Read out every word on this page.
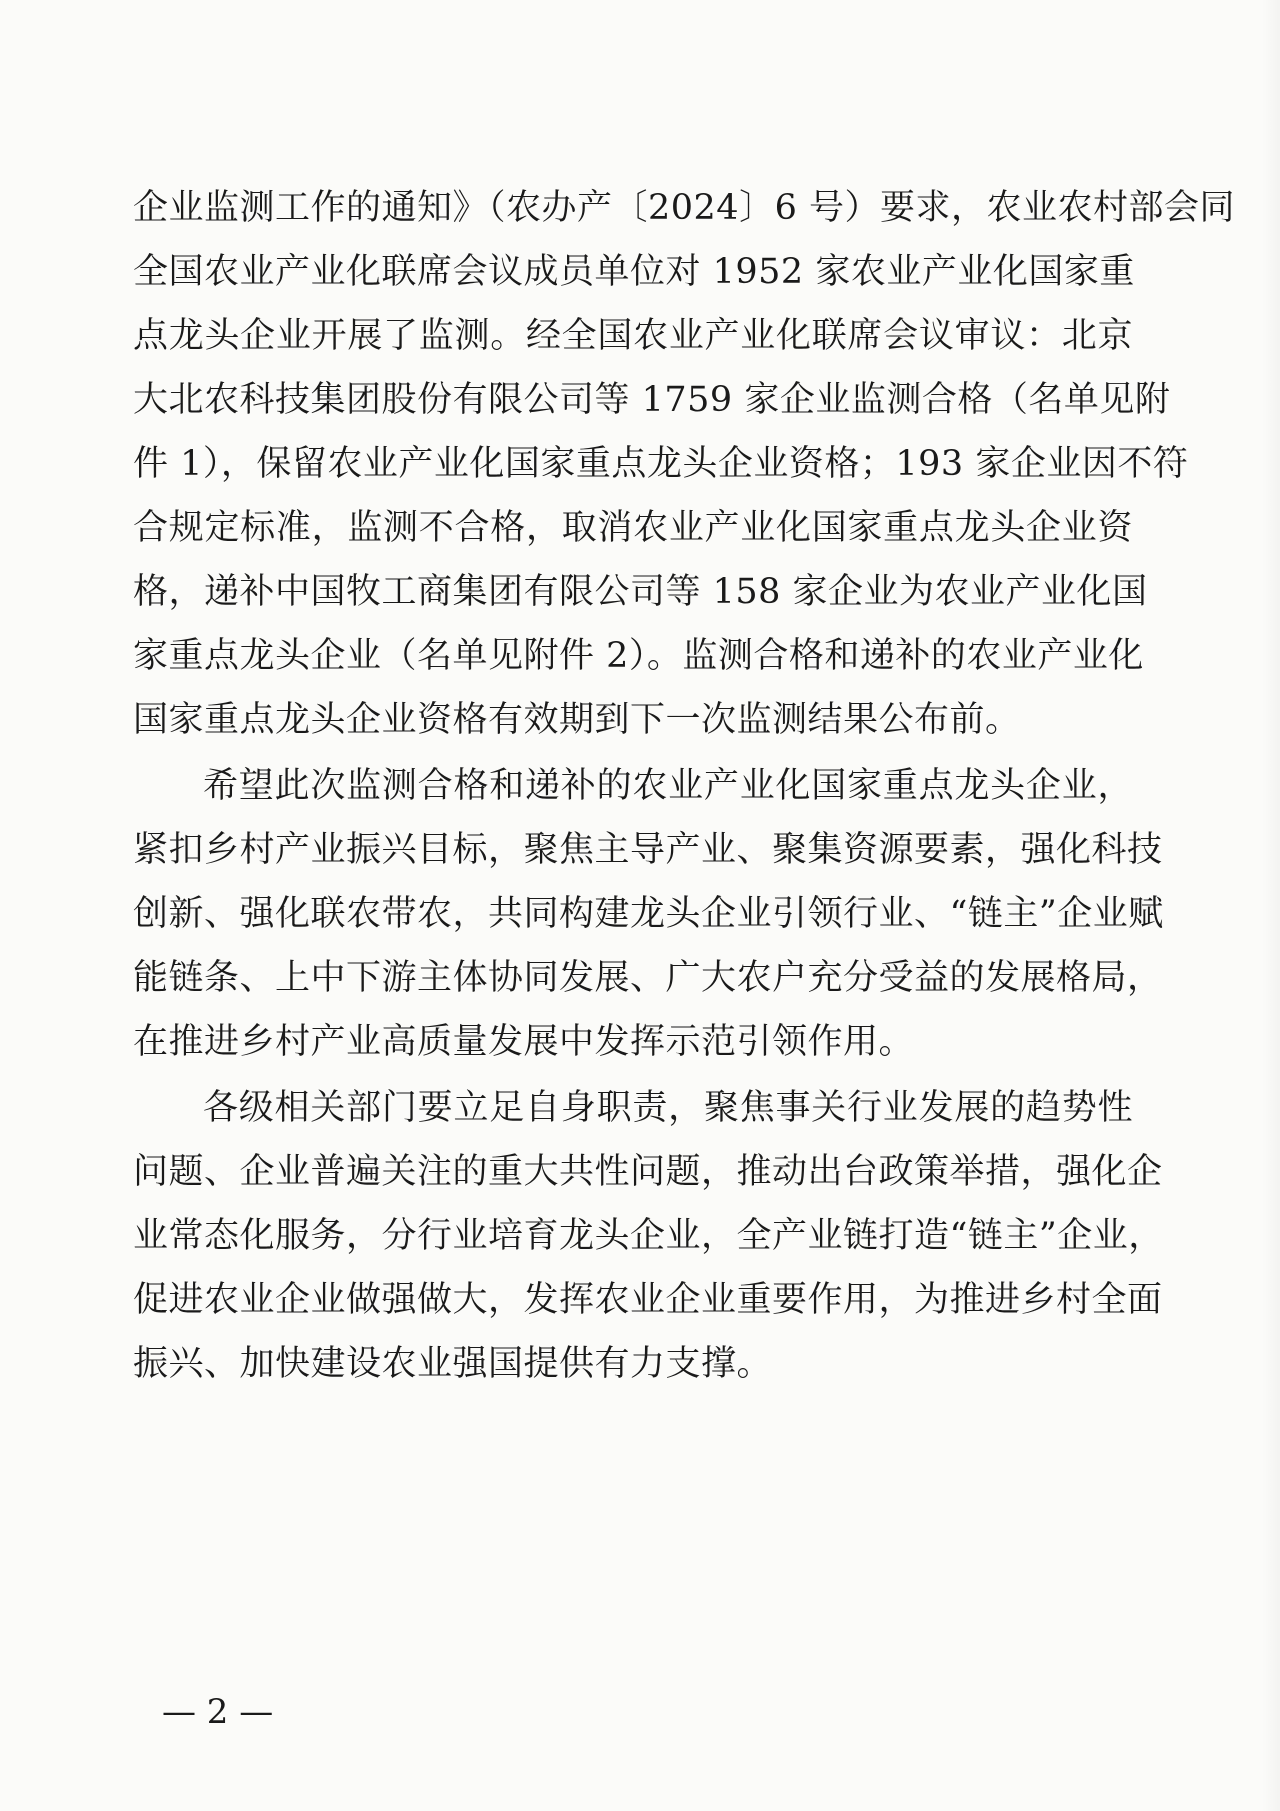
企业监测工作的通知》（农办产〔2024〕6 号）要求，农业农村部会同
全国农业产业化联席会议成员单位对 1952 家农业产业化国家重
点龙头企业开展了监测。经全国农业产业化联席会议审议：北京
大北农科技集团股份有限公司等 1759 家企业监测合格（名单见附
件 1），保留农业产业化国家重点龙头企业资格；193 家企业因不符
合规定标准，监测不合格，取消农业产业化国家重点龙头企业资
格，递补中国牧工商集团有限公司等 158 家企业为农业产业化国
家重点龙头企业（名单见附件 2）。监测合格和递补的农业产业化
国家重点龙头企业资格有效期到下一次监测结果公布前。
希望此次监测合格和递补的农业产业化国家重点龙头企业，
紧扣乡村产业振兴目标，聚焦主导产业、聚集资源要素，强化科技
创新、强化联农带农，共同构建龙头企业引领行业、“链主”企业赋
能链条、上中下游主体协同发展、广大农户充分受益的发展格局，
在推进乡村产业高质量发展中发挥示范引领作用。
各级相关部门要立足自身职责，聚焦事关行业发展的趋势性
问题、企业普遍关注的重大共性问题，推动出台政策举措，强化企
业常态化服务，分行业培育龙头企业，全产业链打造“链主”企业，
促进农业企业做强做大，发挥农业企业重要作用，为推进乡村全面
振兴、加快建设农业强国提供有力支撑。
— 2 —
